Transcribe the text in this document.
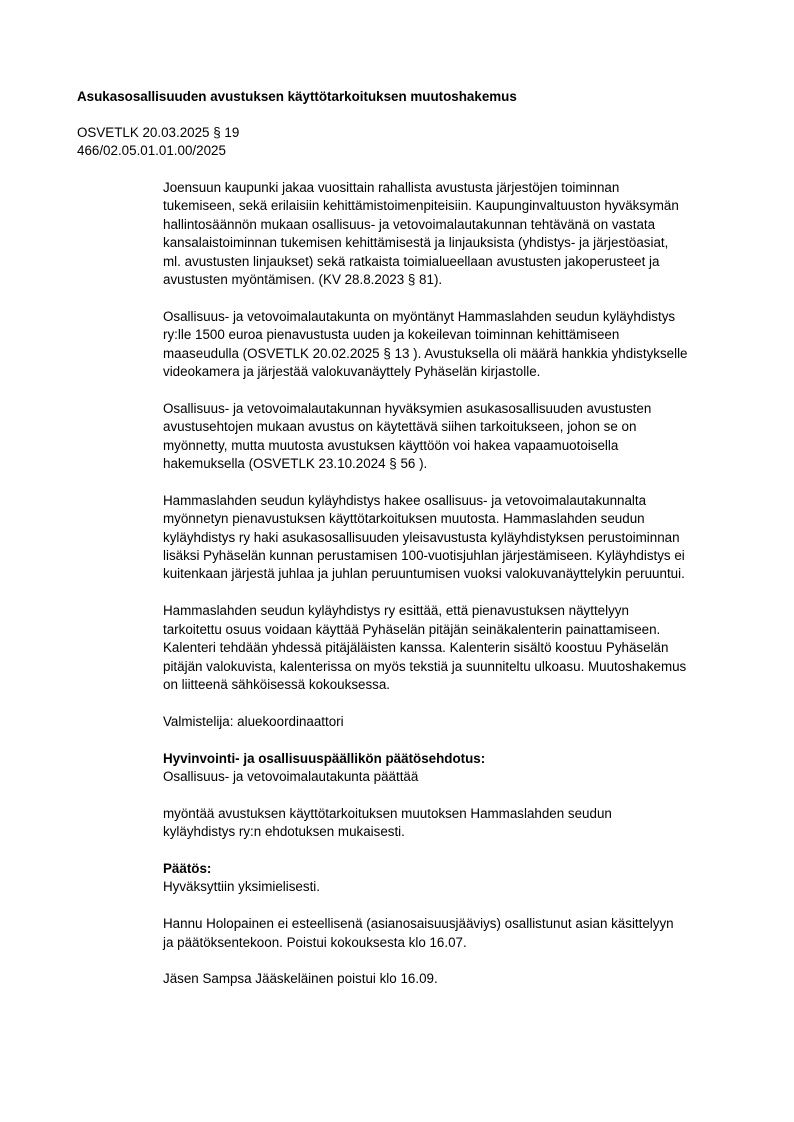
Asukasosallisuuden avustuksen käyttötarkoituksen muutoshakemus
OSVETLK 20.03.2025 § 19
466/02.05.01.01.00/2025

Joensuun kaupunki jakaa vuosittain rahallista avustusta järjestöjen toiminnan
tukemiseen, sekä erilaisiin kehittämistoimenpiteisiin. Kaupunginvaltuuston hyväksymän
hallintosäännön mukaan osallisuus- ja vetovoimalautakunnan tehtävänä on vastata
kansalaistoiminnan tukemisen kehittämisestä ja linjauksista (yhdistys- ja järjestöasiat,
ml. avustusten linjaukset) sekä ratkaista toimialueellaan avustusten jakoperusteet ja
avustusten myöntämisen. (KV 28.8.2023 § 81).

Osallisuus- ja vetovoimalautakunta on myöntänyt Hammaslahden seudun kyläyhdistys
ry:lle 1500 euroa pienavustusta uuden ja kokeilevan toiminnan kehittämiseen
maaseudulla (OSVETLK 20.02.2025 § 13 ). Avustuksella oli määrä hankkia yhdistykselle
videokamera ja järjestää valokuvanäyttely Pyhäselän kirjastolle.

Osallisuus- ja vetovoimalautakunnan hyväksymien asukasosallisuuden avustusten
avustusehtojen mukaan avustus on käytettävä siihen tarkoitukseen, johon se on
myönnetty, mutta muutosta avustuksen käyttöön voi hakea vapaamuotoisella
hakemuksella (OSVETLK 23.10.2024 § 56 ).

Hammaslahden seudun kyläyhdistys hakee osallisuus- ja vetovoimalautakunnalta
myönnetyn pienavustuksen käyttötarkoituksen muutosta. Hammaslahden seudun
kyläyhdistys ry haki asukasosallisuuden yleisavustusta kyläyhdistyksen perustoiminnan
lisäksi Pyhäselän kunnan perustamisen 100-vuotisjuhlan järjestämiseen. Kyläyhdistys ei
kuitenkaan järjestä juhlaa ja juhlan peruuntumisen vuoksi valokuvanäyttelykin peruuntui.

Hammaslahden seudun kyläyhdistys ry esittää, että pienavustuksen näyttelyyn
tarkoitettu osuus voidaan käyttää Pyhäselän pitäjän seinäkalenterin painattamiseen.
Kalenteri tehdään yhdessä pitäjäläisten kanssa. Kalenterin sisältö koostuu Pyhäselän
pitäjän valokuvista, kalenterissa on myös tekstiä ja suunniteltu ulkoasu. Muutoshakemus
on liitteenä sähköisessä kokouksessa.

Valmistelija: aluekoordinaattori

Hyvinvointi- ja osallisuuspäällikön päätösehdotus:
Osallisuus- ja vetovoimalautakunta päättää

myöntää avustuksen käyttötarkoituksen muutoksen Hammaslahden seudun
kyläyhdistys ry:n ehdotuksen mukaisesti.

Päätös:
Hyväksyttiin yksimielisesti.

Hannu Holopainen ei esteellisenä (asianosaisuusjääviys) osallistunut asian käsittelyyn
ja päätöksentekoon. Poistui kokouksesta klo 16.07.

Jäsen Sampsa Jääskeläinen poistui klo 16.09.
